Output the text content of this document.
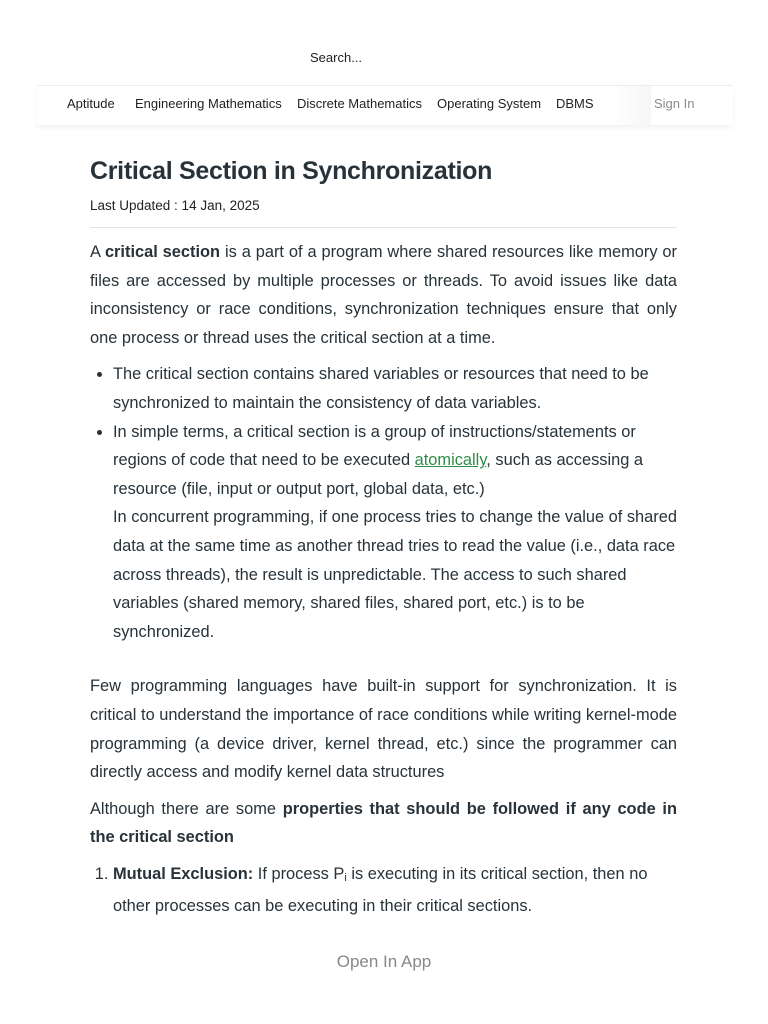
Search...
Aptitude Engineering Mathematics Discrete Mathematics Operating System DBMS	Sign In
Critical Section in Synchronization
Last Updated : 14 Jan, 2025

A critical section is a part of a program where shared resources like memory or files are accessed by multiple processes or threads. To avoid issues like data inconsistency or race conditions, synchronization techniques ensure that only one process or thread uses the critical section at a time.

• The critical section contains shared variables or resources that need to be synchronized to maintain the consistency of data variables.
• In simple terms, a critical section is a group of instructions/statements or regions of code that need to be executed atomically, such as accessing a resource (file, input or output port, global data, etc.)
In concurrent programming, if one process tries to change the value of shared data at the same time as another thread tries to read the value (i.e., data race across threads), the result is unpredictable. The access to such shared variables (shared memory, shared files, shared port, etc.) is to be synchronized.

Few programming languages have built-in support for synchronization. It is critical to understand the importance of race conditions while writing kernel-mode programming (a device driver, kernel thread, etc.) since the programmer can directly access and modify kernel data structures

Although there are some properties that should be followed if any code in the critical section

1. Mutual Exclusion: If process $P_i$ is executing in its critical section, then no other processes can be executing in their critical sections.
Open In App
